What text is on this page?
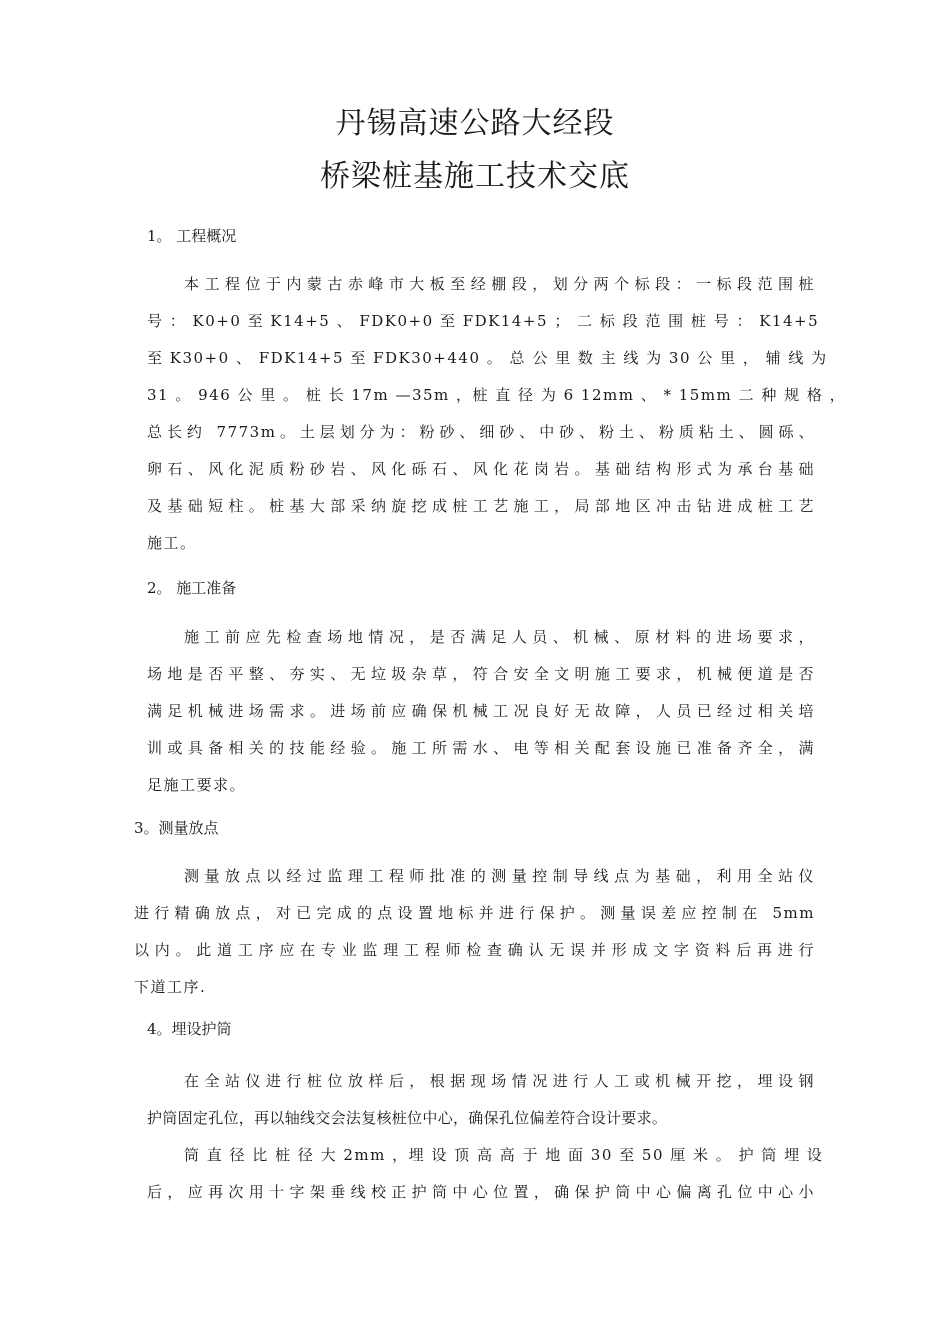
丹锡高速公路大经段
桥梁桩基施工技术交底
1。 工程概况
本工程位于内蒙古赤峰市大板至经棚段，划分两个标段：一标段范围桩
号 ： K0+0 至 K14+5 、 FDK0+0 至 FDK14+5 ； 二 标 段 范 围 桩 号 ： K14+5
至 K30+0 、 FDK14+5 至 FDK30+440 。 总 公 里 数 主 线 为 30 公 里 ， 辅 线 为
31 。 946 公 里 。 桩 长 17m —35m ，桩 直 径 为 6 12mm 、 * 15mm 二 种 规 格 ，
总长约 7773m。土层划分为：粉砂、细砂、中砂、粉土、粉质粘土、圆砾、
卵石、风化泥质粉砂岩、风化砾石、风化花岗岩。基础结构形式为承台基础
及基础短柱。桩基大部采纳旋挖成桩工艺施工，局部地区冲击钻进成桩工艺
施工。
2。 施工准备
施工前应先检查场地情况，是否满足人员、机械、原材料的进场要求，
场地是否平整、夯实、无垃圾杂草，符合安全文明施工要求，机械便道是否
满足机械进场需求。进场前应确保机械工况良好无故障，人员已经过相关培
训或具备相关的技能经验。施工所需水、电等相关配套设施已准备齐全，满
足施工要求。
3。测量放点
测量放点以经过监理工程师批准的测量控制导线点为基础，利用全站仪
进行精确放点，对已完成的点设置地标并进行保护。测量误差应控制在 5mm
以内。此道工序应在专业监理工程师检查确认无误并形成文字资料后再进行
下道工序.
4。埋设护筒
在全站仪进行桩位放样后，根据现场情况进行人工或机械开挖，埋设钢
护筒固定孔位，再以轴线交会法复核桩位中心，确保孔位偏差符合设计要求。
筒 直 径 比 桩 径 大 2mm ，埋 设 顶 高 高 于 地 面 30 至 50 厘 米 。 护 筒 埋 设
后，应再次用十字架垂线校正护筒中心位置，确保护筒中心偏离孔位中心小
